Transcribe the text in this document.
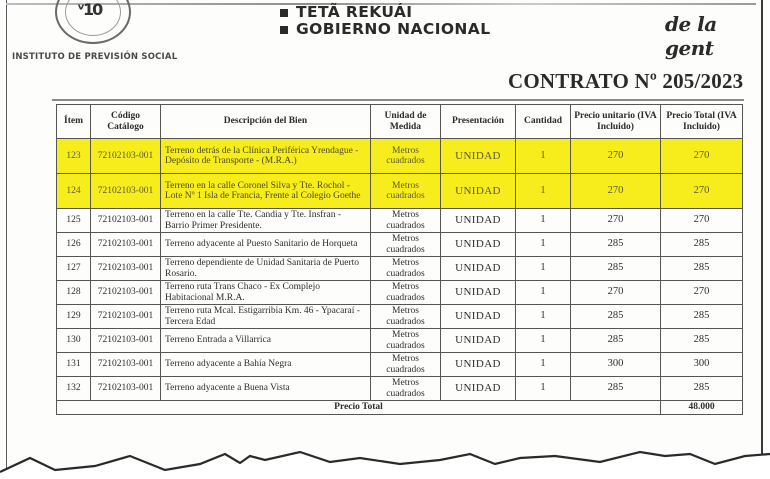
ᵛ10
INSTITUTO DE PREVISIÓN SOCIAL
TETÃ REKUÁI
GOBIERNO NACIONAL	de la gent
CONTRATO Nº 205/2023
Ítem	Código Catálogo	Descripción del Bien	Unidad de Medida	Presentación	Cantidad	Precio unitario (IVA Incluido)	Precio Total (IVA Incluido)
123	72102103-001	Terreno detrás de la Clínica Periférica Yrendague - Depósito de Transporte - (M.R.A.)	Metros cuadrados	UNIDAD	1	270	270
124	72102103-001	Terreno en la calle Coronel Silva y Tte. Rochol - Lote Nº 1 Isla de Francia, Frente al Colegio Goethe	Metros cuadrados	UNIDAD	1	270	270
125	72102103-001	Terreno en la calle Tte. Candia y Tte. Insfran - Barrio Primer Presidente.	Metros cuadrados	UNIDAD	1	270	270
126	72102103-001	Terreno adyacente al Puesto Sanitario de Horqueta	Metros cuadrados	UNIDAD	1	285	285
127	72102103-001	Terreno dependiente de Unidad Sanitaria de Puerto Rosario.	Metros cuadrados	UNIDAD	1	285	285
128	72102103-001	Terreno ruta Trans Chaco - Ex Complejo Habitacional M.R.A.	Metros cuadrados	UNIDAD	1	270	270
129	72102103-001	Terreno ruta Mcal. Estigarribia Km. 46 - Ypacaraí - Tercera Edad	Metros cuadrados	UNIDAD	1	285	285
130	72102103-001	Terreno Entrada a Villarrica	Metros cuadrados	UNIDAD	1	285	285
131	72102103-001	Terreno adyacente a Bahía Negra	Metros cuadrados	UNIDAD	1	300	300
132	72102103-001	Terreno adyacente a Buena Vista	Metros cuadrados	UNIDAD	1	285	285
Precio Total							48.000
